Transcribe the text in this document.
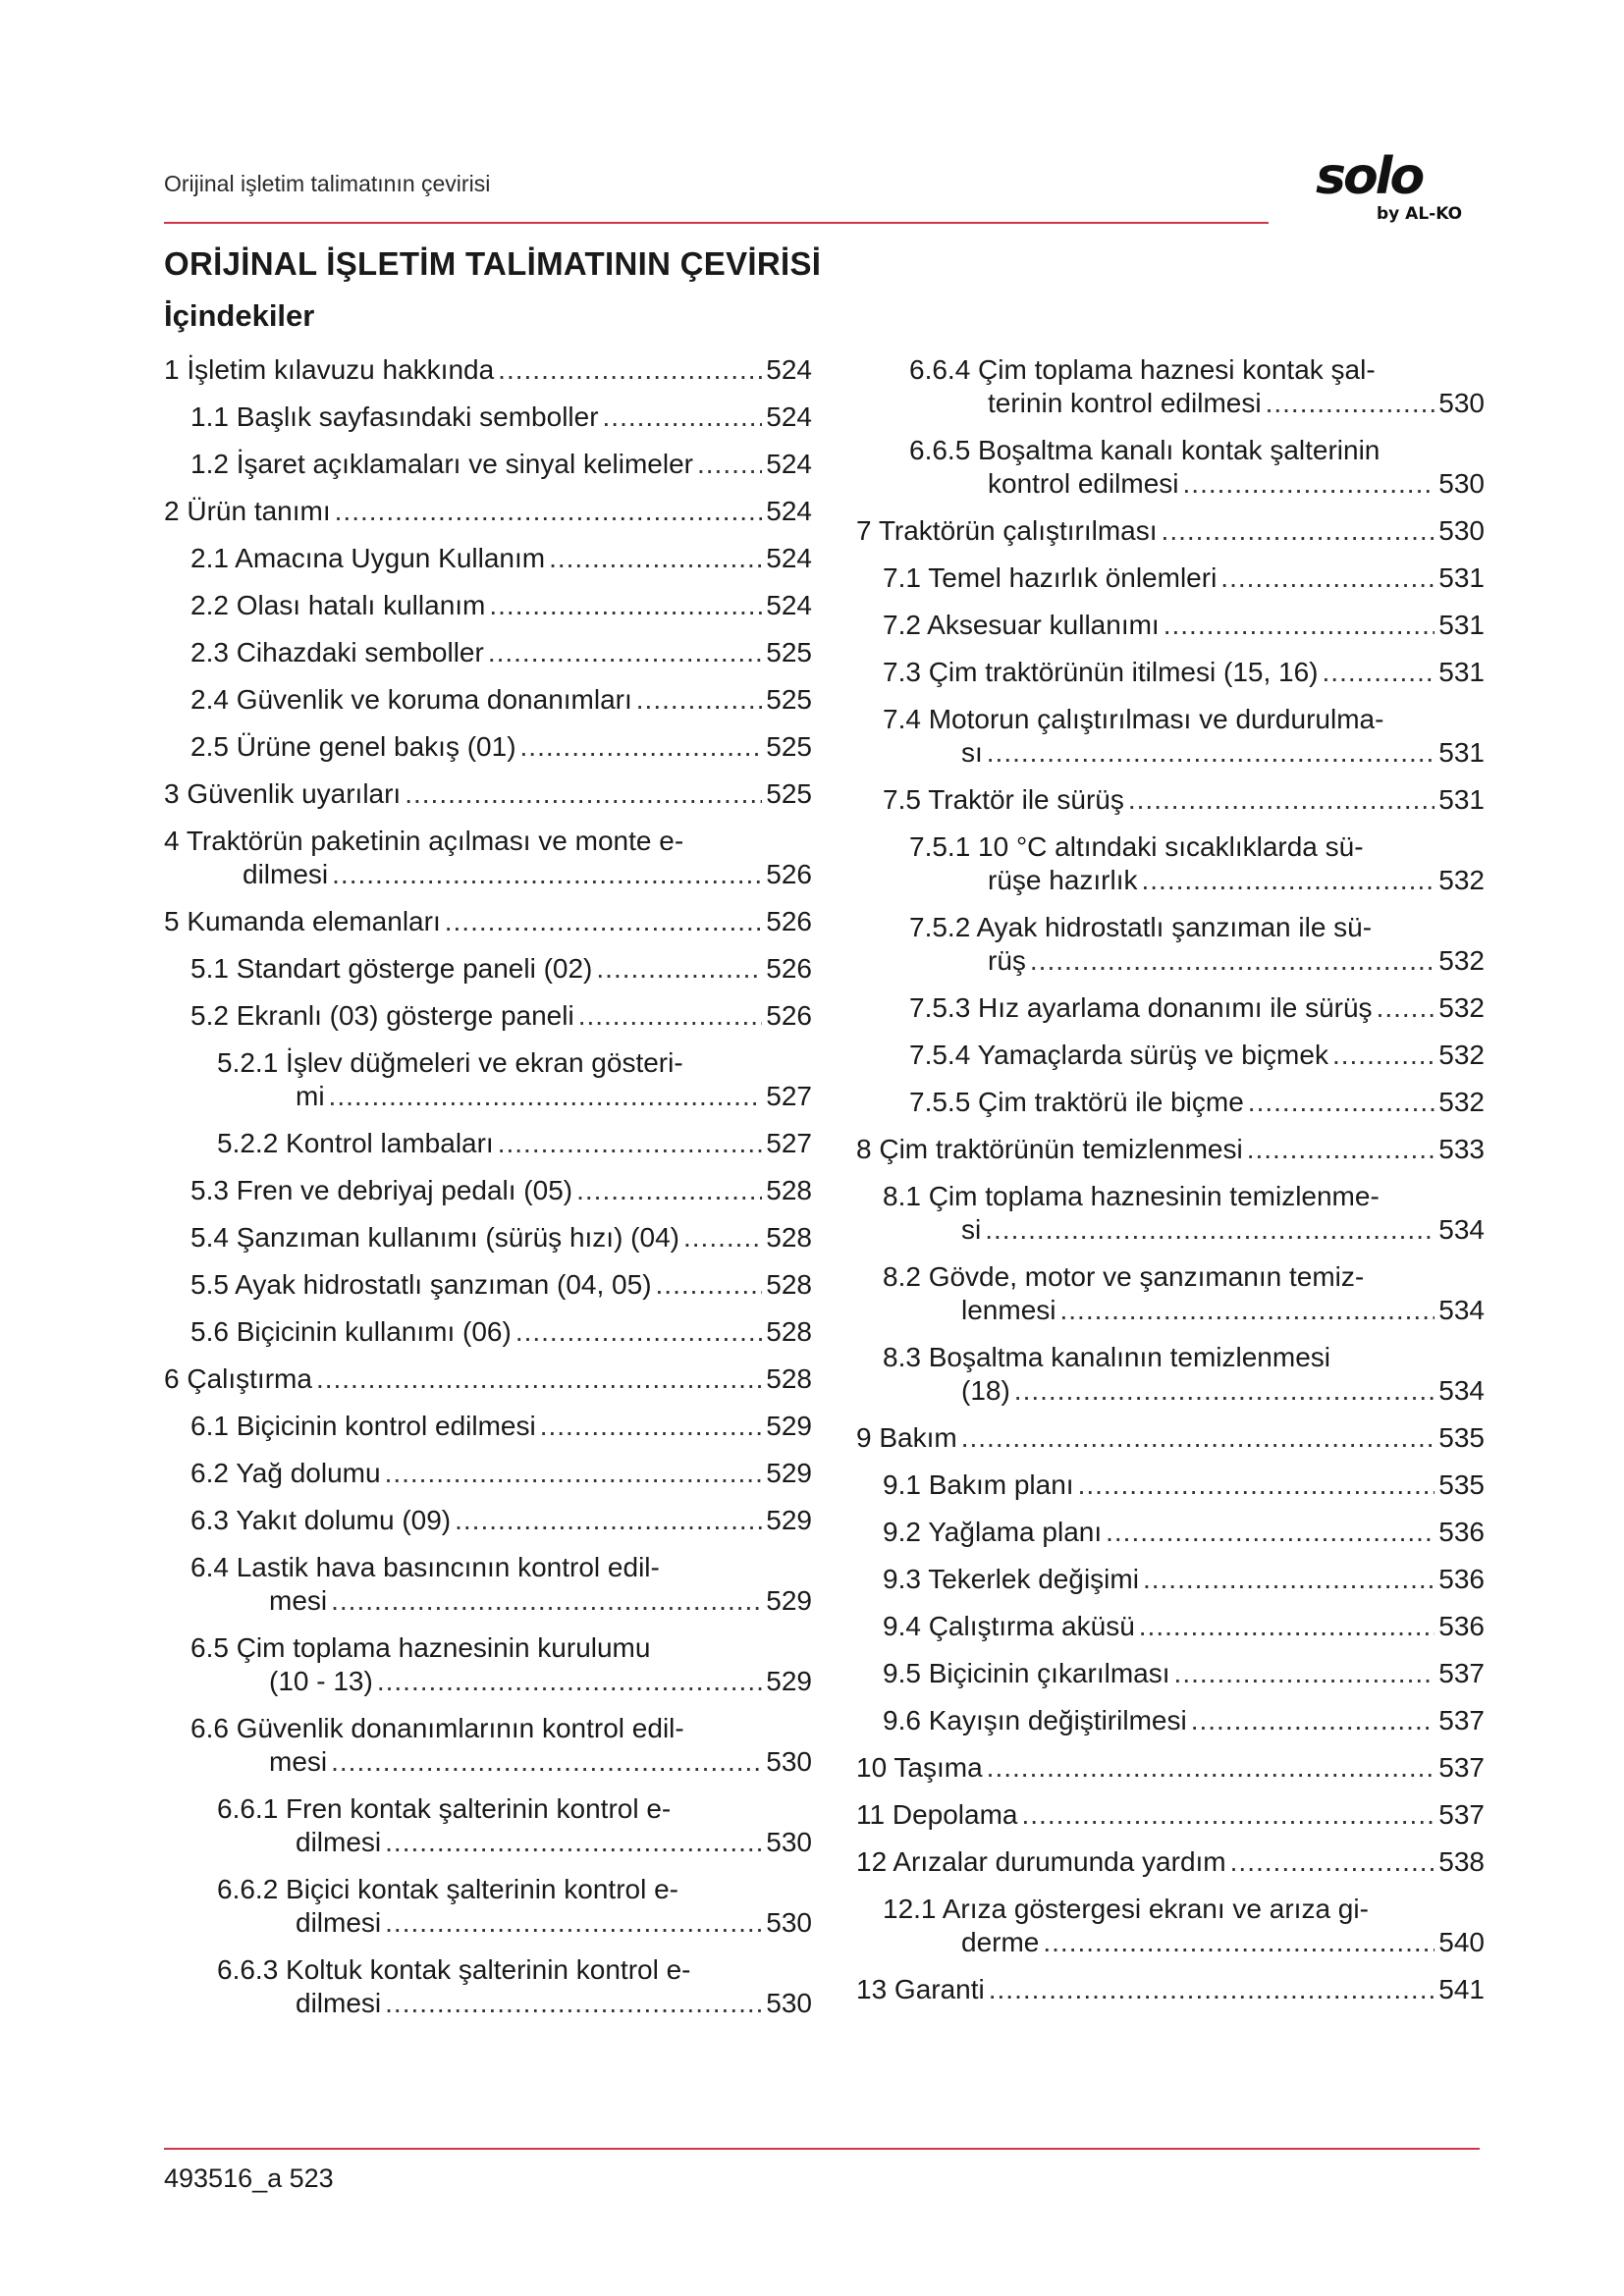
Orijinal işletim talimatının çevirisi	solo
by AL-KO
ORİJİNAL İŞLETİM TALİMATININ ÇEVİRİSİ
İçindekiler
1 İşletim kılavuzu hakkında .....	524
1.1 Başlık sayfasındaki semboller .....	524
1.2 İşaret açıklamaları ve sinyal kelimeler .....	524
2 Ürün tanımı .....	524
2.1 Amacına Uygun Kullanım .....	524
2.2 Olası hatalı kullanım .....	524
2.3 Cihazdaki semboller .....	525
2.4 Güvenlik ve koruma donanımları .....	525
2.5 Ürüne genel bakış (01) .....	525
3 Güvenlik uyarıları .....	525
4 Traktörün paketinin açılması ve monte e-
dilmesi .....	526
5 Kumanda elemanları .....	526
5.1 Standart gösterge paneli (02) .....	526
5.2 Ekranlı (03) gösterge paneli .....	526
5.2.1 İşlev düğmeleri ve ekran gösteri-
mi .....	527
5.2.2 Kontrol lambaları .....	527
5.3 Fren ve debriyaj pedalı (05) .....	528
5.4 Şanzıman kullanımı (sürüş hızı) (04) .....	528
5.5 Ayak hidrostatlı şanzıman (04, 05) .....	528
5.6 Biçicinin kullanımı (06) .....	528
6 Çalıştırma .....	528
6.1 Biçicinin kontrol edilmesi .....	529
6.2 Yağ dolumu .....	529
6.3 Yakıt dolumu (09) .....	529
6.4 Lastik hava basıncının kontrol edil-
mesi .....	529
6.5 Çim toplama haznesinin kurulumu
(10 - 13) .....	529
6.6 Güvenlik donanımlarının kontrol edil-
mesi .....	530
6.6.1 Fren kontak şalterinin kontrol e-
dilmesi .....	530
6.6.2 Biçici kontak şalterinin kontrol e-
dilmesi .....	530
6.6.3 Koltuk kontak şalterinin kontrol e-
dilmesi .....	530
6.6.4 Çim toplama haznesi kontak şal-
terinin kontrol edilmesi .....	530
6.6.5 Boşaltma kanalı kontak şalterinin
kontrol edilmesi .....	530
7 Traktörün çalıştırılması .....	530
7.1 Temel hazırlık önlemleri .....	531
7.2 Aksesuar kullanımı .....	531
7.3 Çim traktörünün itilmesi (15, 16) .....	531
7.4 Motorun çalıştırılması ve durdurulma-
sı .....	531
7.5 Traktör ile sürüş .....	531
7.5.1 10 °C altındaki sıcaklıklarda sü-
rüşe hazırlık .....	532
7.5.2 Ayak hidrostatlı şanzıman ile sü-
rüş .....	532
7.5.3 Hız ayarlama donanımı ile sürüş ..... 532
7.5.4 Yamaçlarda sürüş ve biçmek .....	532
7.5.5 Çim traktörü ile biçme .....	532
8 Çim traktörünün temizlenmesi .....	533
8.1 Çim toplama haznesinin temizlenme-
si .....	534
8.2 Gövde, motor ve şanzımanın temiz-
lenmesi .....	534
8.3 Boşaltma kanalının temizlenmesi
(18) .....	534
9 Bakım .....	535
9.1 Bakım planı .....	535
9.2 Yağlama planı .....	536
9.3 Tekerlek değişimi .....	536
9.4 Çalıştırma aküsü .....	536
9.5 Biçicinin çıkarılması .....	537
9.6 Kayışın değiştirilmesi .....	537
10 Taşıma .....	537
11 Depolama .....	537
12 Arızalar durumunda yardım .....	538
12.1 Arıza göstergesi ekranı ve arıza gi-
derme .....	540
13 Garanti .....	541
493516_a 523
